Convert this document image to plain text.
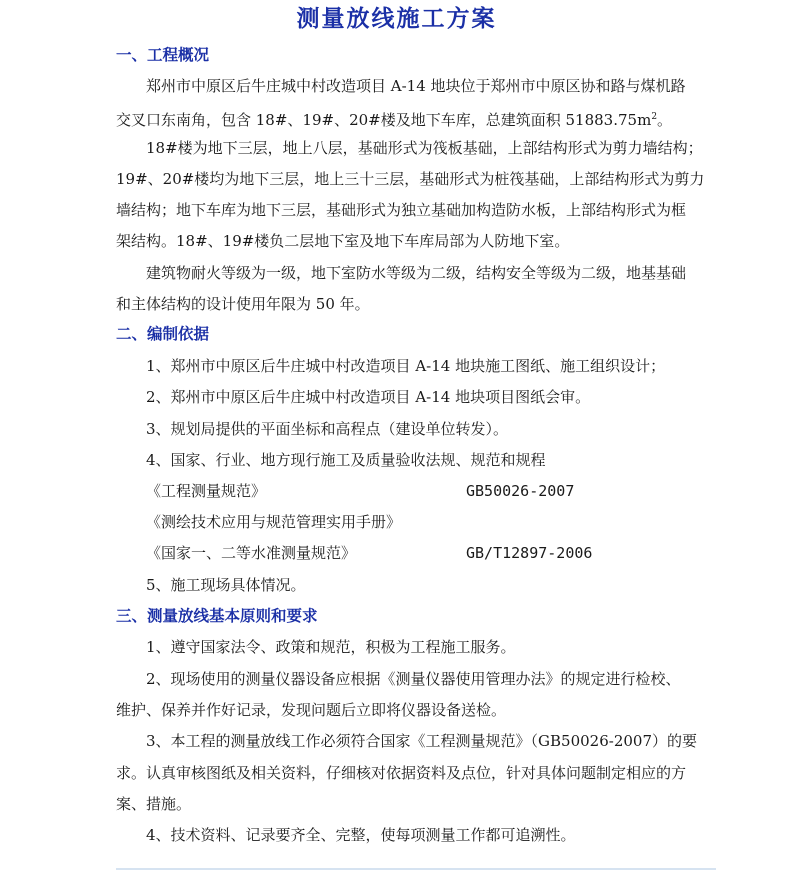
测量放线施工方案
一、工程概况
郑州市中原区后牛庄城中村改造项目 A-14 地块位于郑州市中原区协和路与煤机路
交叉口东南角，包含 18#、19#、20#楼及地下车库，总建筑面积 $51883.75m^2$。
18#楼为地下三层，地上八层，基础形式为筏板基础，上部结构形式为剪力墙结构；
19#、20#楼均为地下三层，地上三十三层，基础形式为桩筏基础，上部结构形式为剪力
墙结构；地下车库为地下三层，基础形式为独立基础加构造防水板，上部结构形式为框
架结构。18#、19#楼负二层地下室及地下车库局部为人防地下室。
建筑物耐火等级为一级，地下室防水等级为二级，结构安全等级为二级，地基基础
和主体结构的设计使用年限为 50 年。
二、编制依据
1、郑州市中原区后牛庄城中村改造项目 A-14 地块施工图纸、施工组织设计；
2、郑州市中原区后牛庄城中村改造项目 A-14 地块项目图纸会审。
3、规划局提供的平面坐标和高程点（建设单位转发）。
4、国家、行业、地方现行施工及质量验收法规、规范和规程
《工程测量规范》	GB50026-2007
《测绘技术应用与规范管理实用手册》
《国家一、二等水准测量规范》	GB/T12897-2006
5、施工现场具体情况。
三、测量放线基本原则和要求
1、遵守国家法令、政策和规范，积极为工程施工服务。
2、现场使用的测量仪器设备应根据《测量仪器使用管理办法》的规定进行检校、
维护、保养并作好记录，发现问题后立即将仪器设备送检。
3、本工程的测量放线工作必须符合国家《工程测量规范》（GB50026-2007）的要
求。认真审核图纸及相关资料，仔细核对依据资料及点位，针对具体问题制定相应的方
案、措施。
4、技术资料、记录要齐全、完整，使每项测量工作都可追溯性。
